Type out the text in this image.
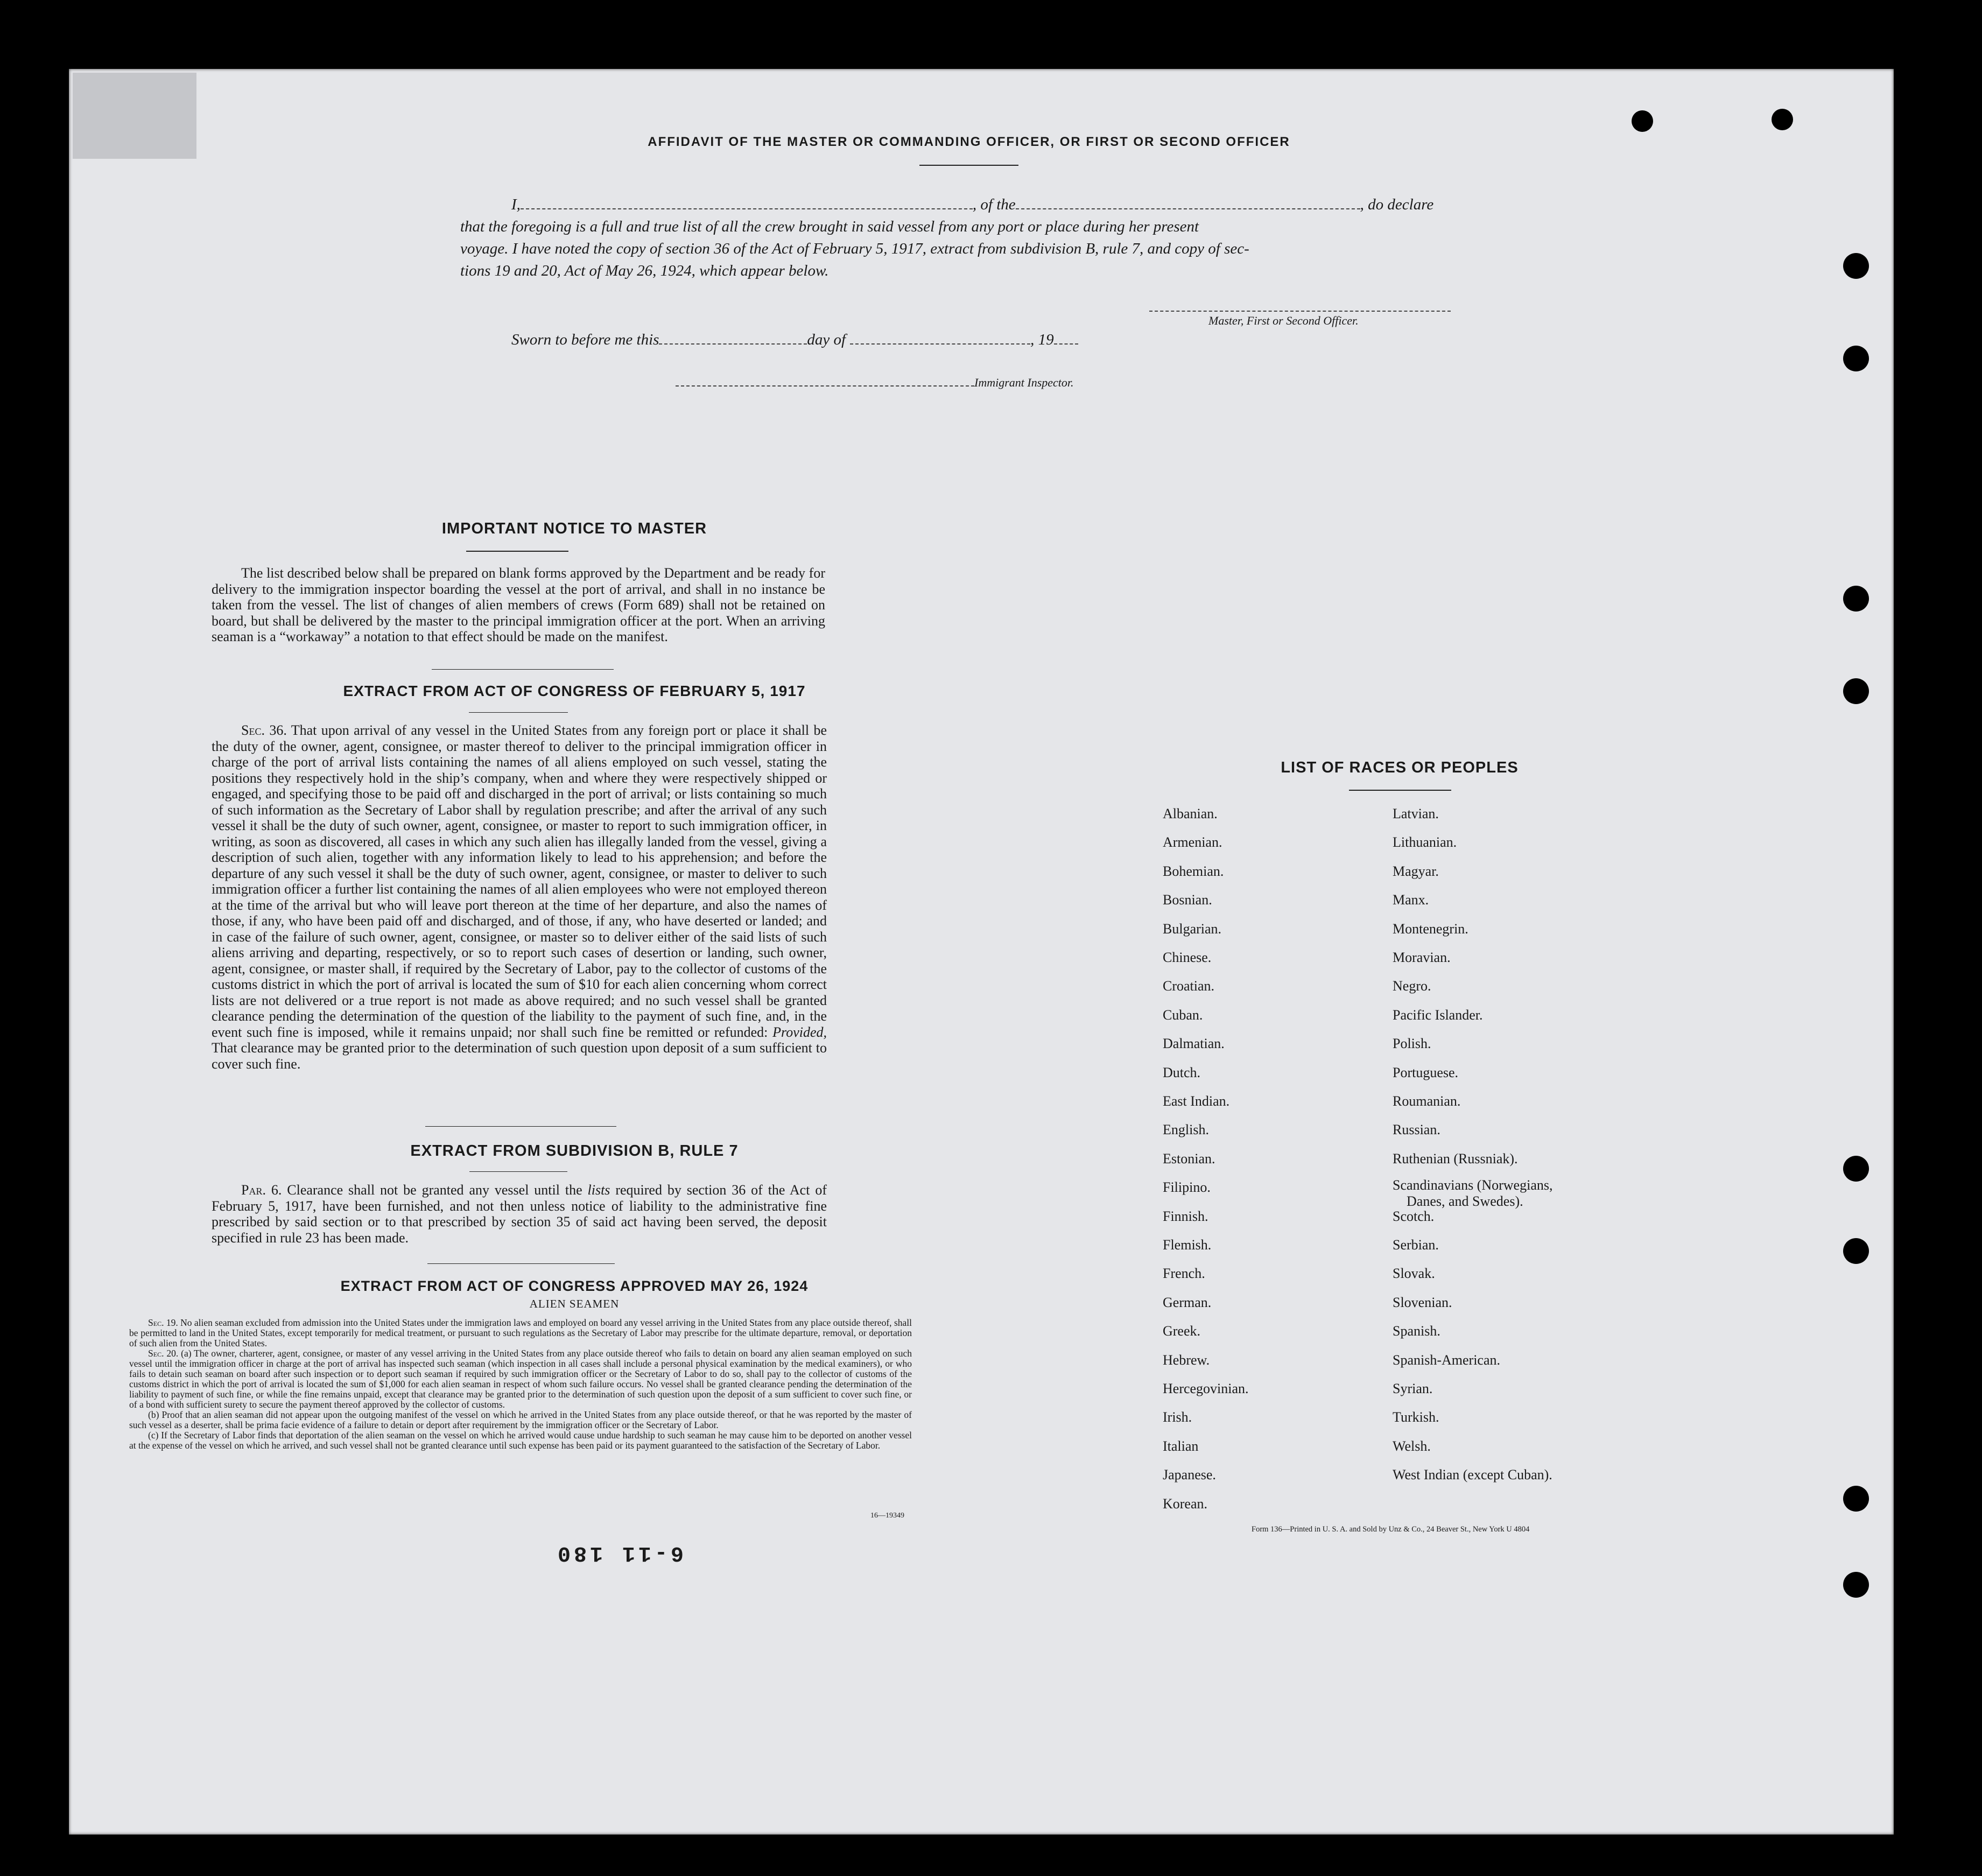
AFFIDAVIT OF THE MASTER OR COMMANDING OFFICER, OR FIRST OR SECOND OFFICER
I,	, of the	, do declare
that the foregoing is a full and true list of all the crew brought in said vessel from any port or place during her present
voyage. I have noted the copy of section 36 of the Act of February 5, 1917, extract from subdivision B, rule 7, and copy of sec-
tions 19 and 20, Act of May 26, 1924, which appear below.
Master, First or Second Officer.
Sworn to before me this	day of	, 19
Immigrant Inspector.
IMPORTANT NOTICE TO MASTER
The list described below shall be prepared on blank forms approved by the Department and be ready for delivery to the immigration inspector boarding the vessel at the port of arrival, and shall in no instance be taken from the vessel. The list of changes of alien members of crews (Form 689) shall not be retained on board, but shall be delivered by the master to the principal immigration officer at the port. When an arriving seaman is a “workaway” a notation to that effect should be made on the manifest.
EXTRACT FROM ACT OF CONGRESS OF FEBRUARY 5, 1917
Sec. 36. That upon arrival of any vessel in the United States from any foreign port or place it shall be the duty of the owner, agent, consignee, or master thereof to deliver to the principal immigration officer in charge of the port of arrival lists containing the names of all aliens employed on such vessel, stating the positions they respectively hold in the ship’s company, when and where they were respectively shipped or engaged, and specifying those to be paid off and discharged in the port of arrival; or lists containing so much of such information as the Secretary of Labor shall by regulation prescribe; and after the arrival of any such vessel it shall be the duty of such owner, agent, consignee, or master to report to such immigration officer, in writing, as soon as discovered, all cases in which any such alien has illegally landed from the vessel, giving a description of such alien, together with any information likely to lead to his apprehension; and before the departure of any such vessel it shall be the duty of such owner, agent, consignee, or master to deliver to such immigration officer a further list containing the names of all alien employees who were not employed thereon at the time of the arrival but who will leave port thereon at the time of her departure, and also the names of those, if any, who have been paid off and discharged, and of those, if any, who have deserted or landed; and in case of the failure of such owner, agent, consignee, or master so to deliver either of the said lists of such aliens arriving and departing, respectively, or so to report such cases of desertion or landing, such owner, agent, consignee, or master shall, if required by the Secretary of Labor, pay to the collector of customs of the customs district in which the port of arrival is located the sum of $10 for each alien concerning whom correct lists are not delivered or a true report is not made as above required; and no such vessel shall be granted clearance pending the determination of the question of the liability to the payment of such fine, and, in the event such fine is imposed, while it remains unpaid; nor shall such fine be remitted or refunded: Provided, That clearance may be granted prior to the determination of such question upon deposit of a sum sufficient to cover such fine.
EXTRACT FROM SUBDIVISION B, RULE 7
Par. 6. Clearance shall not be granted any vessel until the lists required by section 36 of the Act of February 5, 1917, have been furnished, and not then unless notice of liability to the administrative fine prescribed by said section or to that prescribed by section 35 of said act having been served, the deposit specified in rule 23 has been made.
EXTRACT FROM ACT OF CONGRESS APPROVED MAY 26, 1924
ALIEN SEAMEN
Sec. 19. No alien seaman excluded from admission into the United States under the immigration laws and employed on board any vessel arriving in the United States from any place outside thereof, shall be permitted to land in the United States, except temporarily for medical treatment, or pursuant to such regulations as the Secretary of Labor may prescribe for the ultimate departure, removal, or deportation of such alien from the United States.
Sec. 20. (a) The owner, charterer, agent, consignee, or master of any vessel arriving in the United States from any place outside thereof who fails to detain on board any alien seaman employed on such vessel until the immigration officer in charge at the port of arrival has inspected such seaman (which inspection in all cases shall include a personal physical examination by the medical examiners), or who fails to detain such seaman on board after such inspection or to deport such seaman if required by such immigration officer or the Secretary of Labor to do so, shall pay to the collector of customs of the customs district in which the port of arrival is located the sum of $1,000 for each alien seaman in respect of whom such failure occurs. No vessel shall be granted clearance pending the determination of the liability to payment of such fine, or while the fine remains unpaid, except that clearance may be granted prior to the determination of such question upon the deposit of a sum sufficient to cover such fine, or of a bond with sufficient surety to secure the payment thereof approved by the collector of customs.
(b) Proof that an alien seaman did not appear upon the outgoing manifest of the vessel on which he arrived in the United States from any place outside thereof, or that he was reported by the master of such vessel as a deserter, shall be prima facie evidence of a failure to detain or deport after requirement by the immigration officer or the Secretary of Labor.
(c) If the Secretary of Labor finds that deportation of the alien seaman on the vessel on which he arrived would cause undue hardship to such seaman he may cause him to be deported on another vessel at the expense of the vessel on which he arrived, and such vessel shall not be granted clearance until such expense has been paid or its payment guaranteed to the satisfaction of the Secretary of Labor.
16—19349
6-11 180
LIST OF RACES OR PEOPLES
Form 136—Printed in U. S. A. and Sold by Unz & Co., 24 Beaver St., New York U 4804
Albanian.
Armenian.
Bohemian.
Bosnian.
Bulgarian.
Chinese.
Croatian.
Cuban.
Dalmatian.
Dutch.
East Indian.
English.
Estonian.
Filipino.
Finnish.
Flemish.
French.
German.
Greek.
Hebrew.
Hercegovinian.
Irish.
Italian
Japanese.
Korean.
Latvian.
Lithuanian.
Magyar.
Manx.
Montenegrin.
Moravian.
Negro.
Pacific Islander.
Polish.
Portuguese.
Roumanian.
Russian.
Ruthenian (Russniak).
Scandinavians (Norwegians,
Danes, and Swedes).
Scotch.
Serbian.
Slovak.
Slovenian.
Spanish.
Spanish-American.
Syrian.
Turkish.
Welsh.
West Indian (except Cuban).
